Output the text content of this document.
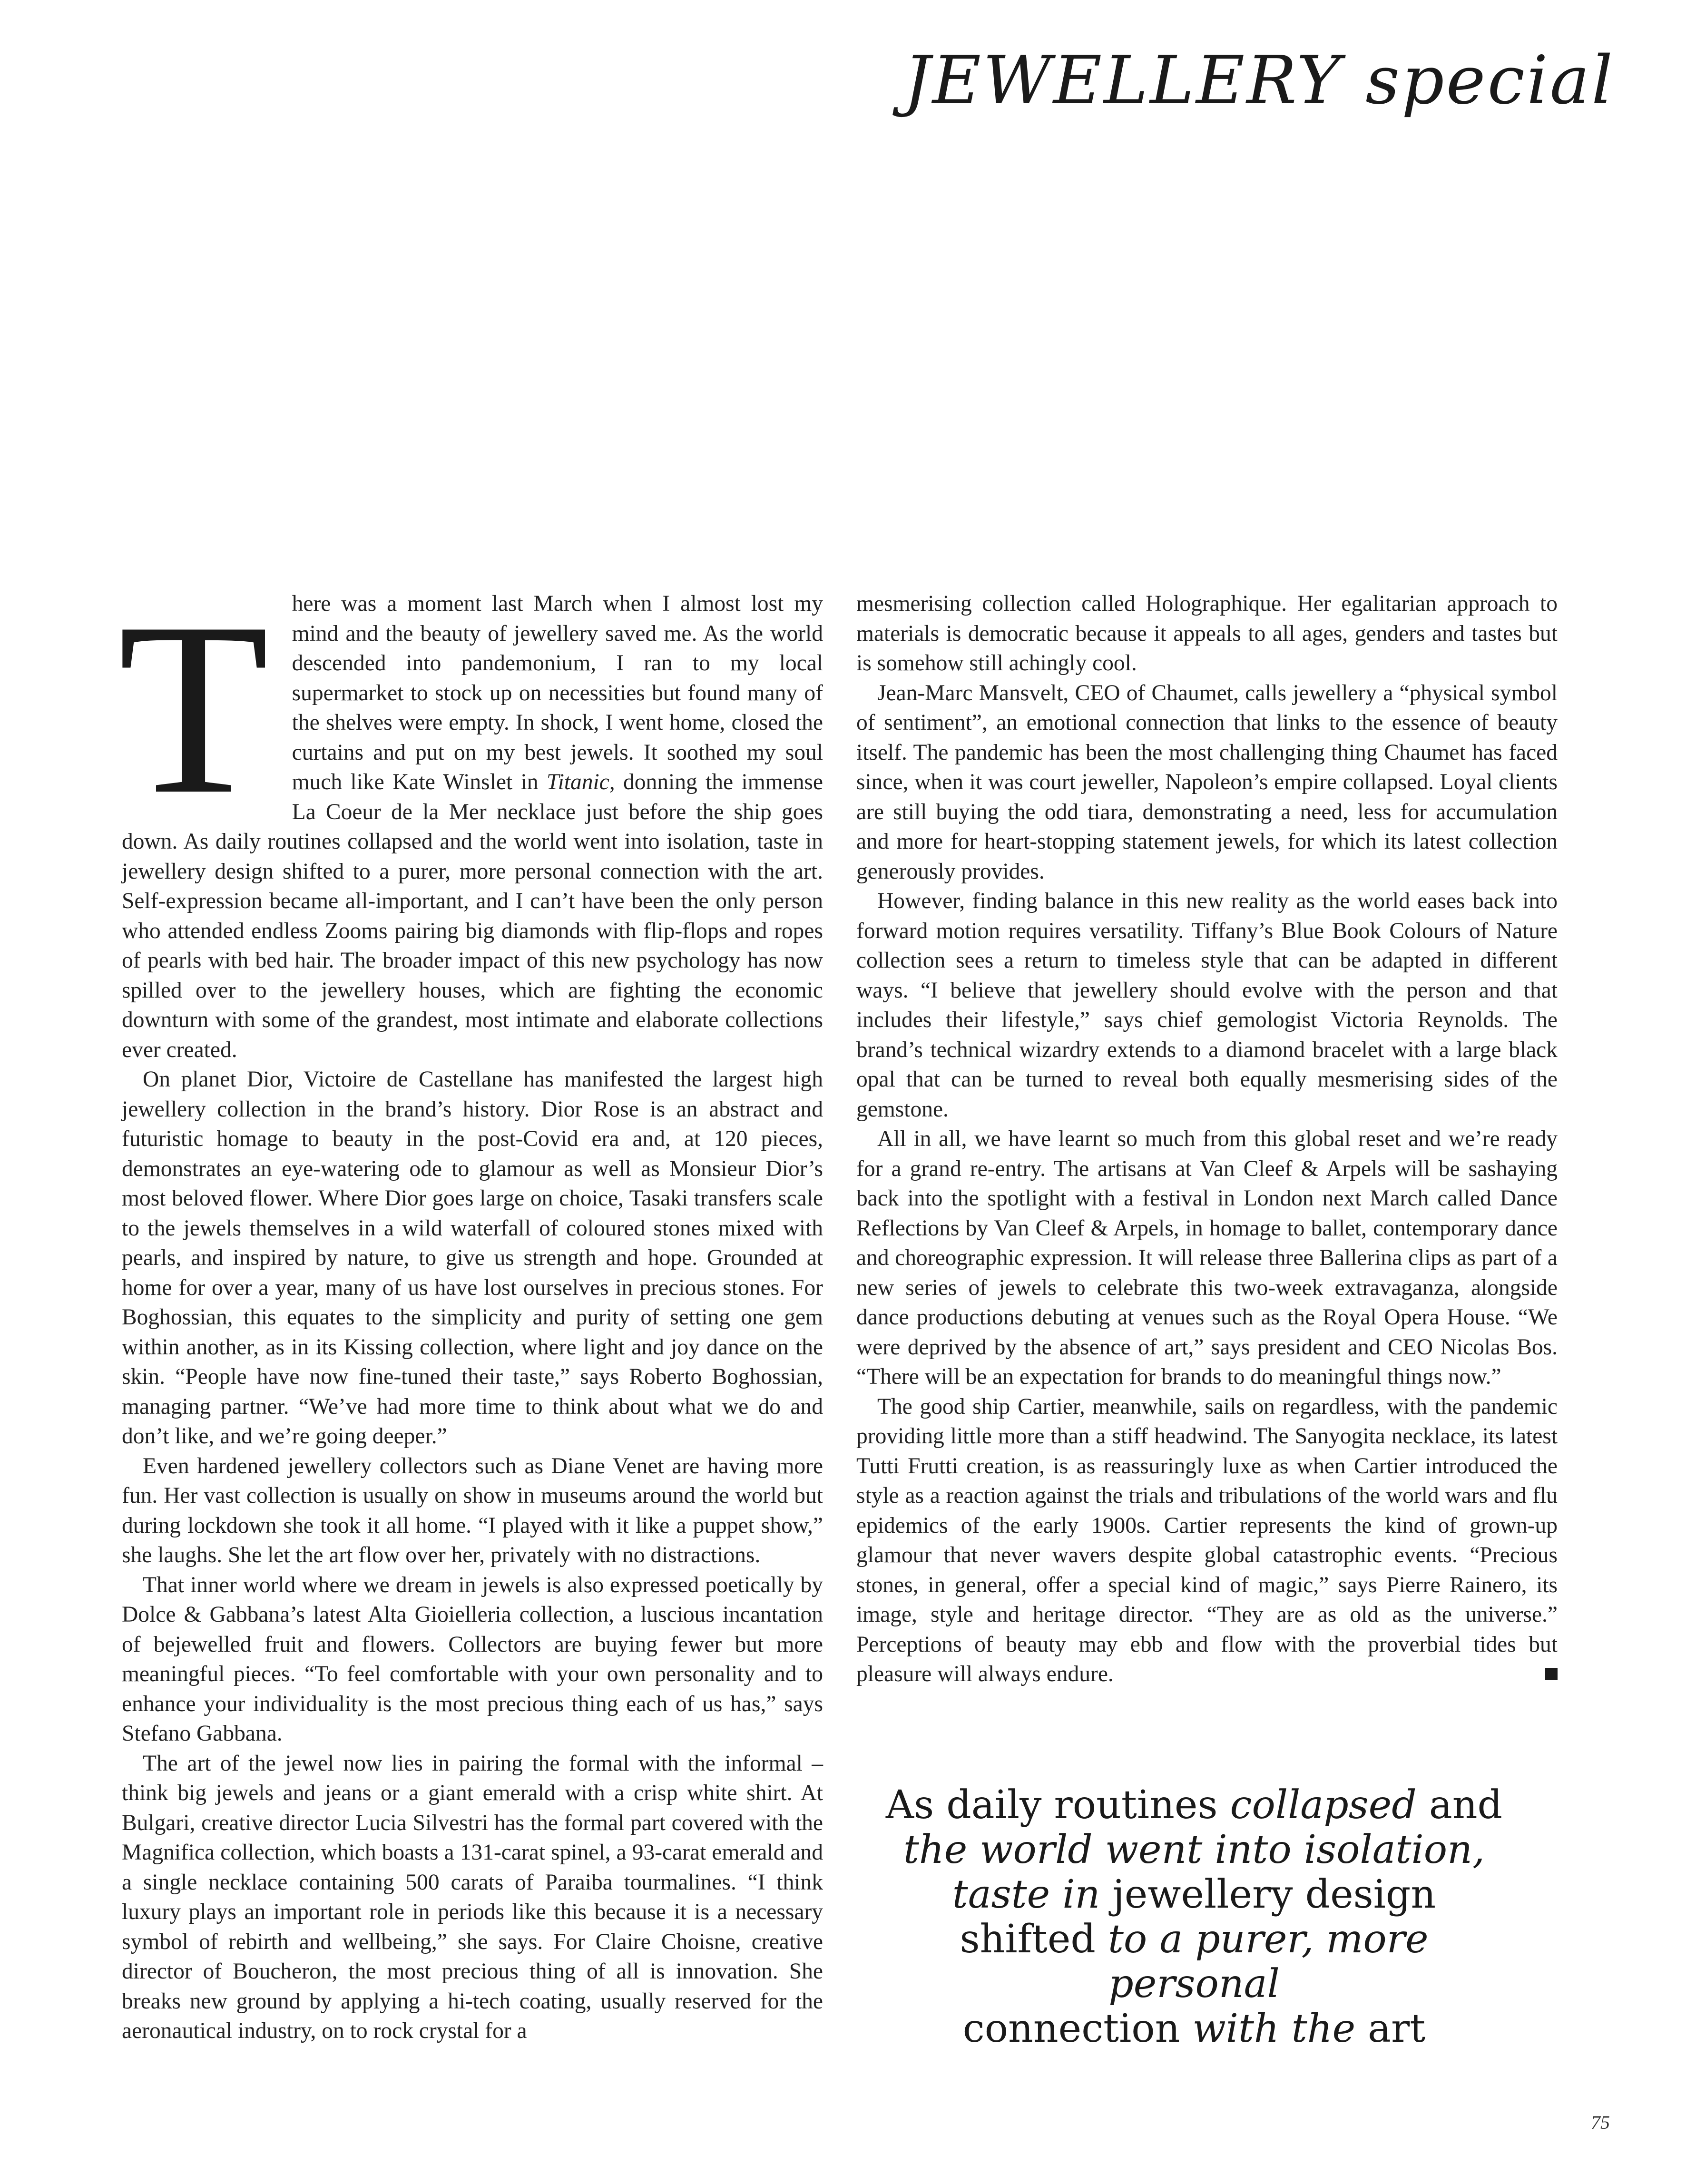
JEWELLERY special

T here was a moment last March when I almost lost my mind and the beauty of jewellery saved me. As the world descended into pandemonium, I ran to my local supermarket to stock up on necessities but found many of the shelves were empty. In shock, I went home, closed the curtains and put on my best jewels. It soothed my soul much like Kate Winslet in Titanic, donning the immense La Coeur de la Mer necklace just before the ship goes down. As daily routines collapsed and the world went into isolation, taste in jewellery design shifted to a purer, more personal connection with the art. Self-expression became all-important, and I can’t have been the only person who attended endless Zooms pairing big diamonds with flip-flops and ropes of pearls with bed hair. The broader impact of this new psychology has now spilled over to the jewellery houses, which are fighting the economic downturn with some of the grandest, most intimate and elaborate collections ever created.

On planet Dior, Victoire de Castellane has manifested the largest high jewellery collection in the brand’s history. Dior Rose is an abstract and futuristic homage to beauty in the post-Covid era and, at 120 pieces, demonstrates an eye-watering ode to glamour as well as Monsieur Dior’s most beloved flower. Where Dior goes large on choice, Tasaki transfers scale to the jewels themselves in a wild waterfall of coloured stones mixed with pearls, and inspired by nature, to give us strength and hope. Grounded at home for over a year, many of us have lost ourselves in precious stones. For Boghossian, this equates to the simplicity and purity of setting one gem within another, as in its Kissing collection, where light and joy dance on the skin. “People have now fine-tuned their taste,” says Roberto Boghossian, managing partner. “We’ve had more time to think about what we do and don’t like, and we’re going deeper.”

Even hardened jewellery collectors such as Diane Venet are having more fun. Her vast collection is usually on show in museums around the world but during lockdown she took it all home. “I played with it like a puppet show,” she laughs. She let the art flow over her, privately with no distractions.

That inner world where we dream in jewels is also expressed poetically by Dolce & Gabbana’s latest Alta Gioielleria collection, a luscious incantation of bejewelled fruit and flowers. Collectors are buying fewer but more meaningful pieces. “To feel comfortable with your own personality and to enhance your individuality is the most precious thing each of us has,” says Stefano Gabbana.

The art of the jewel now lies in pairing the formal with the informal – think big jewels and jeans or a giant emerald with a crisp white shirt. At Bulgari, creative director Lucia Silvestri has the formal part covered with the Magnifica collection, which boasts a 131-carat spinel, a 93-carat emerald and a single necklace containing 500 carats of Paraiba tourmalines. “I think luxury plays an important role in periods like this because it is a necessary symbol of rebirth and wellbeing,” she says. For Claire Choisne, creative director of Boucheron, the most precious thing of all is innovation. She breaks new ground by applying a hi-tech coating, usually reserved for the aeronautical industry, on to rock crystal for a

mesmerising collection called Holographique. Her egalitarian approach to materials is democratic because it appeals to all ages, genders and tastes but is somehow still achingly cool.

Jean-Marc Mansvelt, CEO of Chaumet, calls jewellery a “physical symbol of sentiment”, an emotional connection that links to the essence of beauty itself. The pandemic has been the most challenging thing Chaumet has faced since, when it was court jeweller, Napoleon’s empire collapsed. Loyal clients are still buying the odd tiara, demonstrating a need, less for accumulation and more for heart-stopping statement jewels, for which its latest collection generously provides.

However, finding balance in this new reality as the world eases back into forward motion requires versatility. Tiffany’s Blue Book Colours of Nature collection sees a return to timeless style that can be adapted in different ways. “I believe that jewellery should evolve with the person and that includes their lifestyle,” says chief gemologist Victoria Reynolds. The brand’s technical wizardry extends to a diamond bracelet with a large black opal that can be turned to reveal both equally mesmerising sides of the gemstone.

All in all, we have learnt so much from this global reset and we’re ready for a grand re-entry. The artisans at Van Cleef & Arpels will be sashaying back into the spotlight with a festival in London next March called Dance Reflections by Van Cleef & Arpels, in homage to ballet, contemporary dance and choreographic expression. It will release three Ballerina clips as part of a new series of jewels to celebrate this two-week extravaganza, alongside dance productions debuting at venues such as the Royal Opera House. “We were deprived by the absence of art,” says president and CEO Nicolas Bos. “There will be an expectation for brands to do meaningful things now.”

The good ship Cartier, meanwhile, sails on regardless, with the pandemic providing little more than a stiff headwind. The Sanyogita necklace, its latest Tutti Frutti creation, is as reassuringly luxe as when Cartier introduced the style as a reaction against the trials and tribulations of the world wars and flu epidemics of the early 1900s. Cartier represents the kind of grown-up glamour that never wavers despite global catastrophic events. “Precious stones, in general, offer a special kind of magic,” says Pierre Rainero, its image, style and heritage director. “They are as old as the universe.” Perceptions of beauty may ebb and flow with the proverbial tides but pleasure will always endure.

As daily routines collapsed and
the world went into isolation,
taste in jewellery design
shifted to a purer, more personal
connection with the art
75
